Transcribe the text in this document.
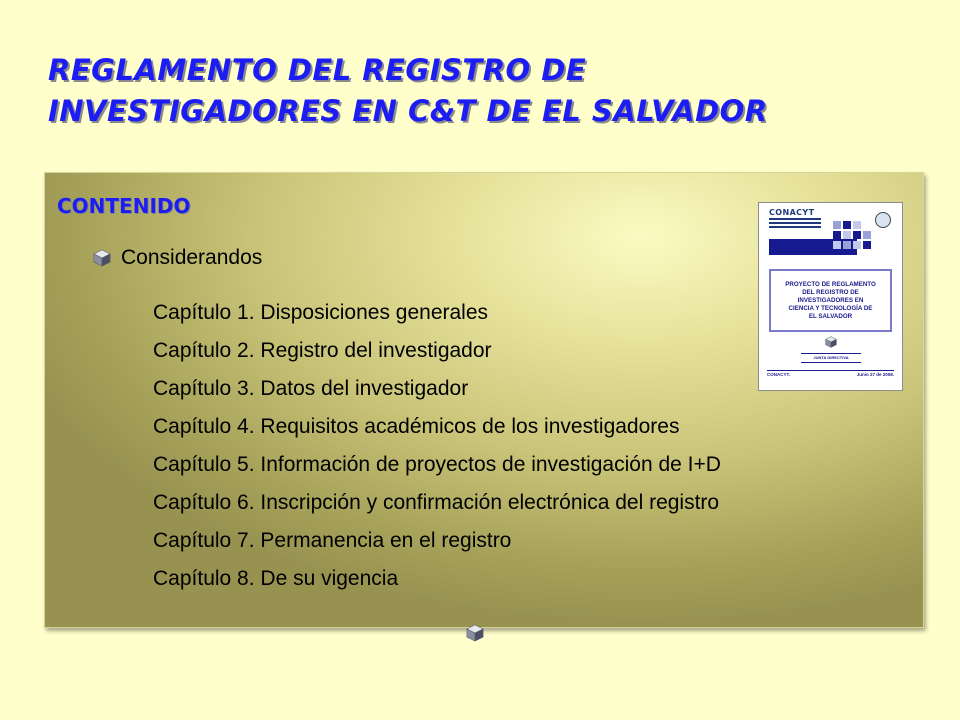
REGLAMENTO DEL REGISTRO DE
INVESTIGADORES EN C&T DE EL SALVADOR
CONTENIDO
Considerandos
Capítulo 1. Disposiciones generales
Capítulo 2. Registro del investigador
Capítulo 3. Datos del investigador
Capítulo 4. Requisitos académicos de los investigadores
Capítulo 5. Información de proyectos de investigación de I+D
Capítulo 6. Inscripción y confirmación electrónica del registro
Capítulo 7. Permanencia en el registro
Capítulo 8. De su vigencia
CONACYT

PROYECTO DE REGLAMENTO
DEL REGISTRO DE
INVESTIGADORES EN
CIENCIA Y TECNOLOGÍA DE
EL SALVADOR

JUNTA DIRECTIVA
CONACYT.	Junio 27 de 2008.
